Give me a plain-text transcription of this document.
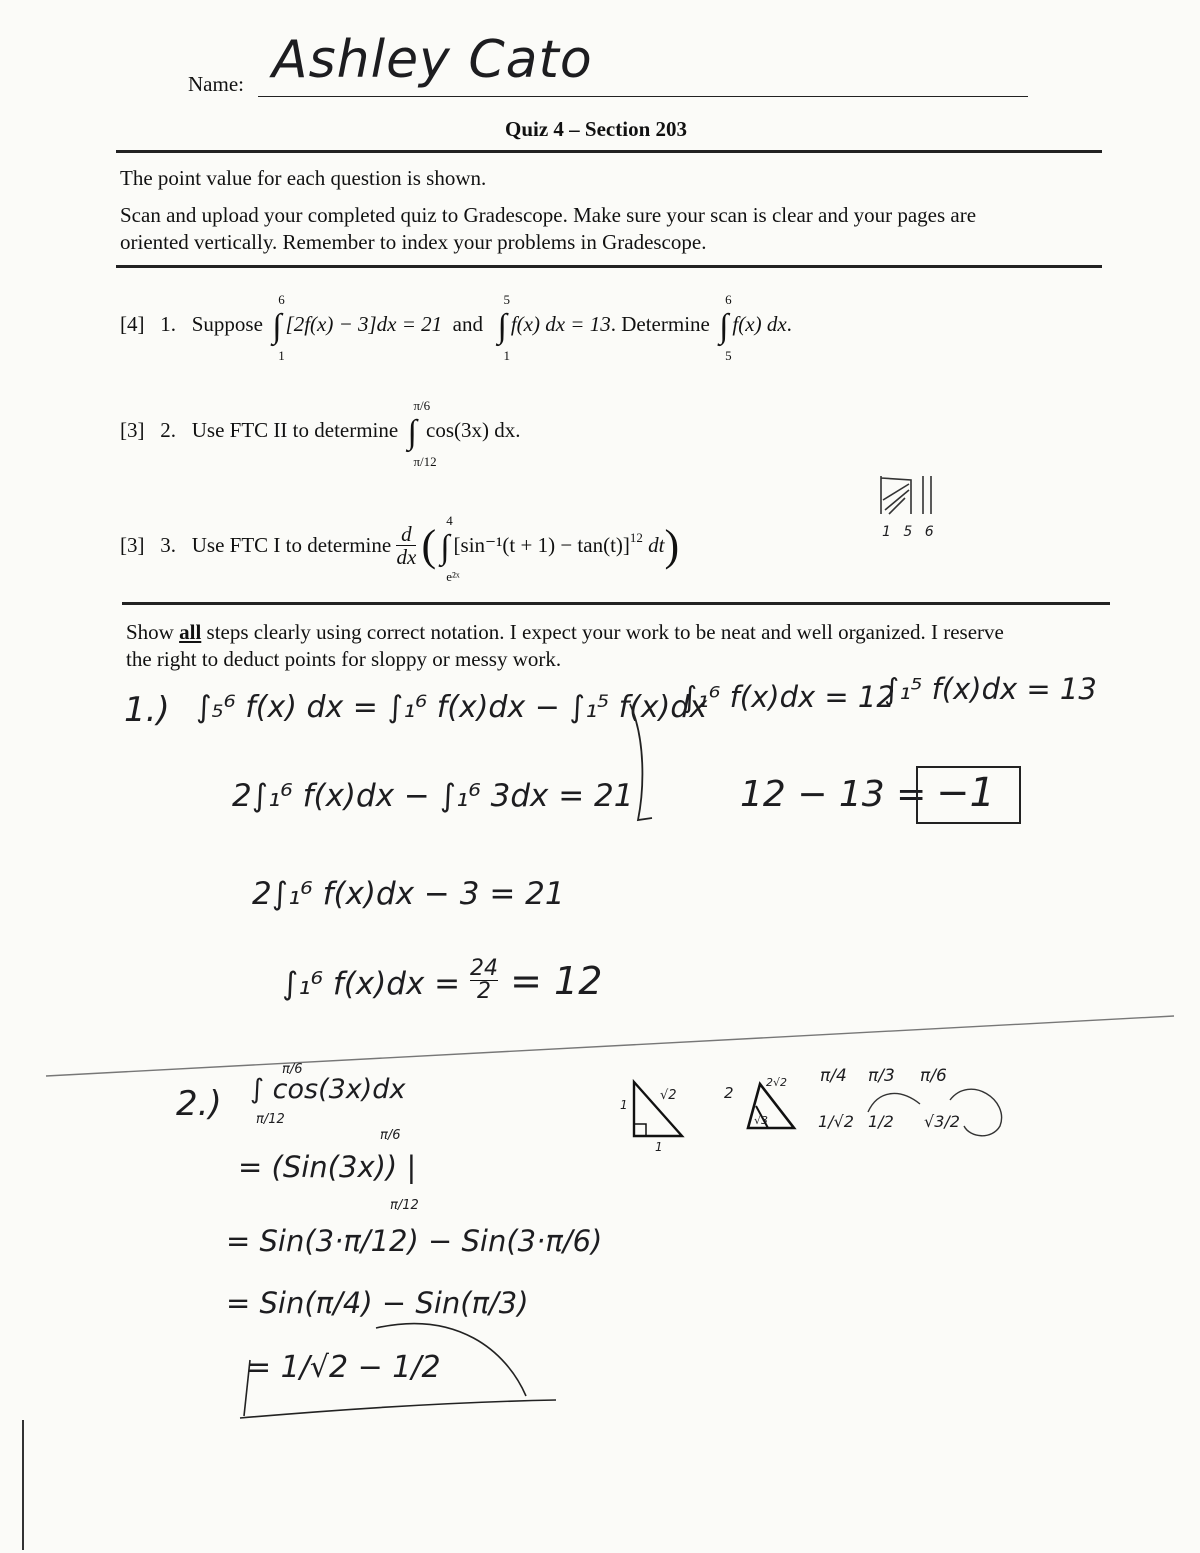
Name: Ashley Cato
Quiz 4 – Section 203
The point value for each question is shown.
Scan and upload your completed quiz to Gradescope. Make sure your scan is clear and your pages are
oriented vertically. Remember to index your problems in Gradescope.
[4] 1. Suppose ∫
6
1
[2f(x) − 3]dx = 21 and ∫
5
1
f(x) dx = 13. Determine ∫
6
5
f(x) dx.
[3] 2. Use FTC II to determine ∫
π/6
π/12
cos(3x) dx.
[3] 3. Use FTC I to determine $\frac{d}{dx}$ ( ∫
4
e²ˣ
$[\sin^{-1}(t + 1) - \tan(t)]^{12}$ dt)	1 5 6
Show all steps clearly using correct notation. I expect your work to be neat and well organized. I reserve
the right to deduct points for sloppy or messy work.
1.) ∫₅⁶ f(x) dx = ∫₁⁶ f(x)dx − ∫₁⁵ f(x)dx
∫₁⁶ f(x)dx = 12
∫₁⁵ f(x)dx = 13
2∫₁⁶ f(x)dx − ∫₁⁶ 3dx = 21	12 − 13 = −1
2∫₁⁶ f(x)dx − 3 = 21
∫₁⁶ $f(x)dx = \frac{24}{2} = 12$
2.) ∫ cos(3x)dx
π/6
π/12
= (Sin(3x)) |
π/6
π/12
= Sin(3·π/12) − Sin(3·π/6)
= Sin(π/4) − Sin(π/3)
= 1/√2 − 1/2
√2
1
1
2
2√2
√3
π/4 π/3 π/6
1/√2 1/2 √3/2
